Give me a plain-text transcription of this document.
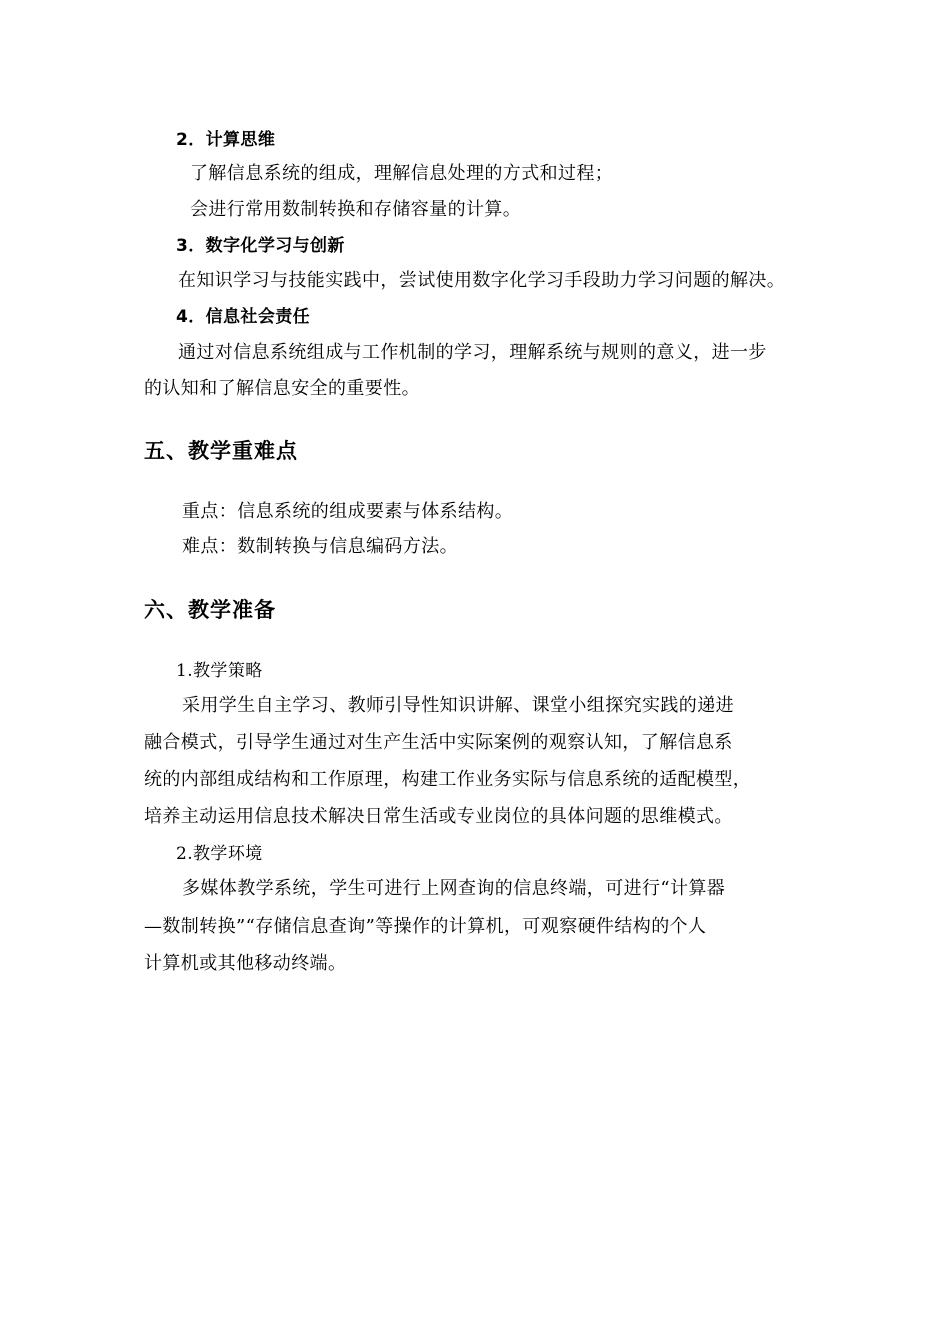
2．计算思维
了解信息系统的组成，理解信息处理的方式和过程；
会进行常用数制转换和存储容量的计算。
3．数字化学习与创新
在知识学习与技能实践中，尝试使用数字化学习手段助力学习问题的解决。
4．信息社会责任
通过对信息系统组成与工作机制的学习，理解系统与规则的意义，进一步
的认知和了解信息安全的重要性。
五、教学重难点
重点：信息系统的组成要素与体系结构。
难点：数制转换与信息编码方法。
六、教学准备
1.教学策略
采用学生自主学习、教师引导性知识讲解、课堂小组探究实践的递进
融合模式，引导学生通过对生产生活中实际案例的观察认知，了解信息系
统的内部组成结构和工作原理，构建工作业务实际与信息系统的适配模型，
培养主动运用信息技术解决日常生活或专业岗位的具体问题的思维模式。
2.教学环境
多媒体教学系统，学生可进行上网查询的信息终端，可进行“计算器
—数制转换”“存储信息查询”等操作的计算机，可观察硬件结构的个人
计算机或其他移动终端。
